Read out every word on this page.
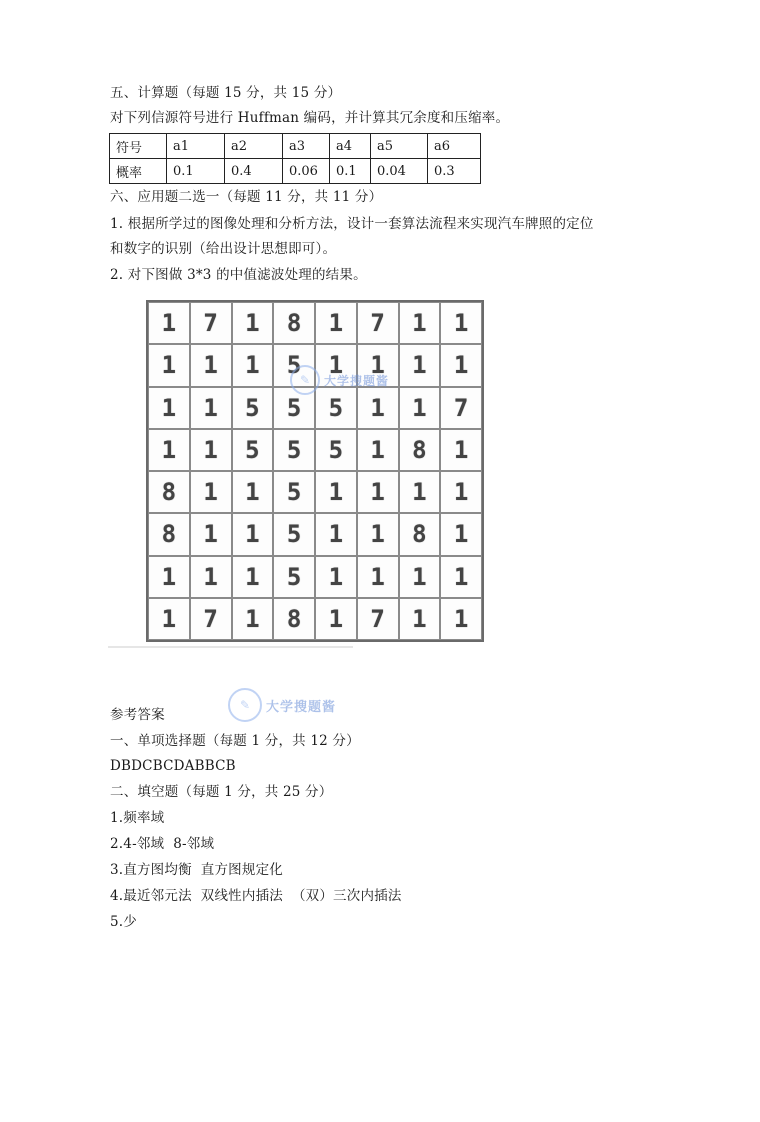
五、计算题（每题 15 分，共 15 分）
对下列信源符号进行 Huffman 编码，并计算其冗余度和压缩率。
符号	a1	a2	a3	a4	a5	a6
概率	0.1	0.4	0.06	0.1	0.04	0.3
六、应用题二选一（每题 11 分，共 11 分）
1. 根据所学过的图像处理和分析方法，设计一套算法流程来实现汽车牌照的定位
和数字的识别（给出设计思想即可）。
2. 对下图做 3*3 的中值滤波处理的结果。
1	7	1	8	1	7	1	1
1	1	1	5	1	1	1	1
1	1	5	5	5	1	1	7
1	1	5	5	5	1	8	1
8	1	1	5	1	1	1	1
8	1	1	5	1	1	8	1
1	1	1	5	1	1	1	1
1	7	1	8	1	7	1	1
✎	大学搜题酱
✎	大学搜题酱
参考答案
一、单项选择题（每题 1 分，共 12 分）
DBDCBCDABBCB
二、填空题（每题 1 分，共 25 分）
1.频率域
2.4-邻域  8-邻域
3.直方图均衡  直方图规定化
4.最近邻元法  双线性内插法  （双）三次内插法
5.少
